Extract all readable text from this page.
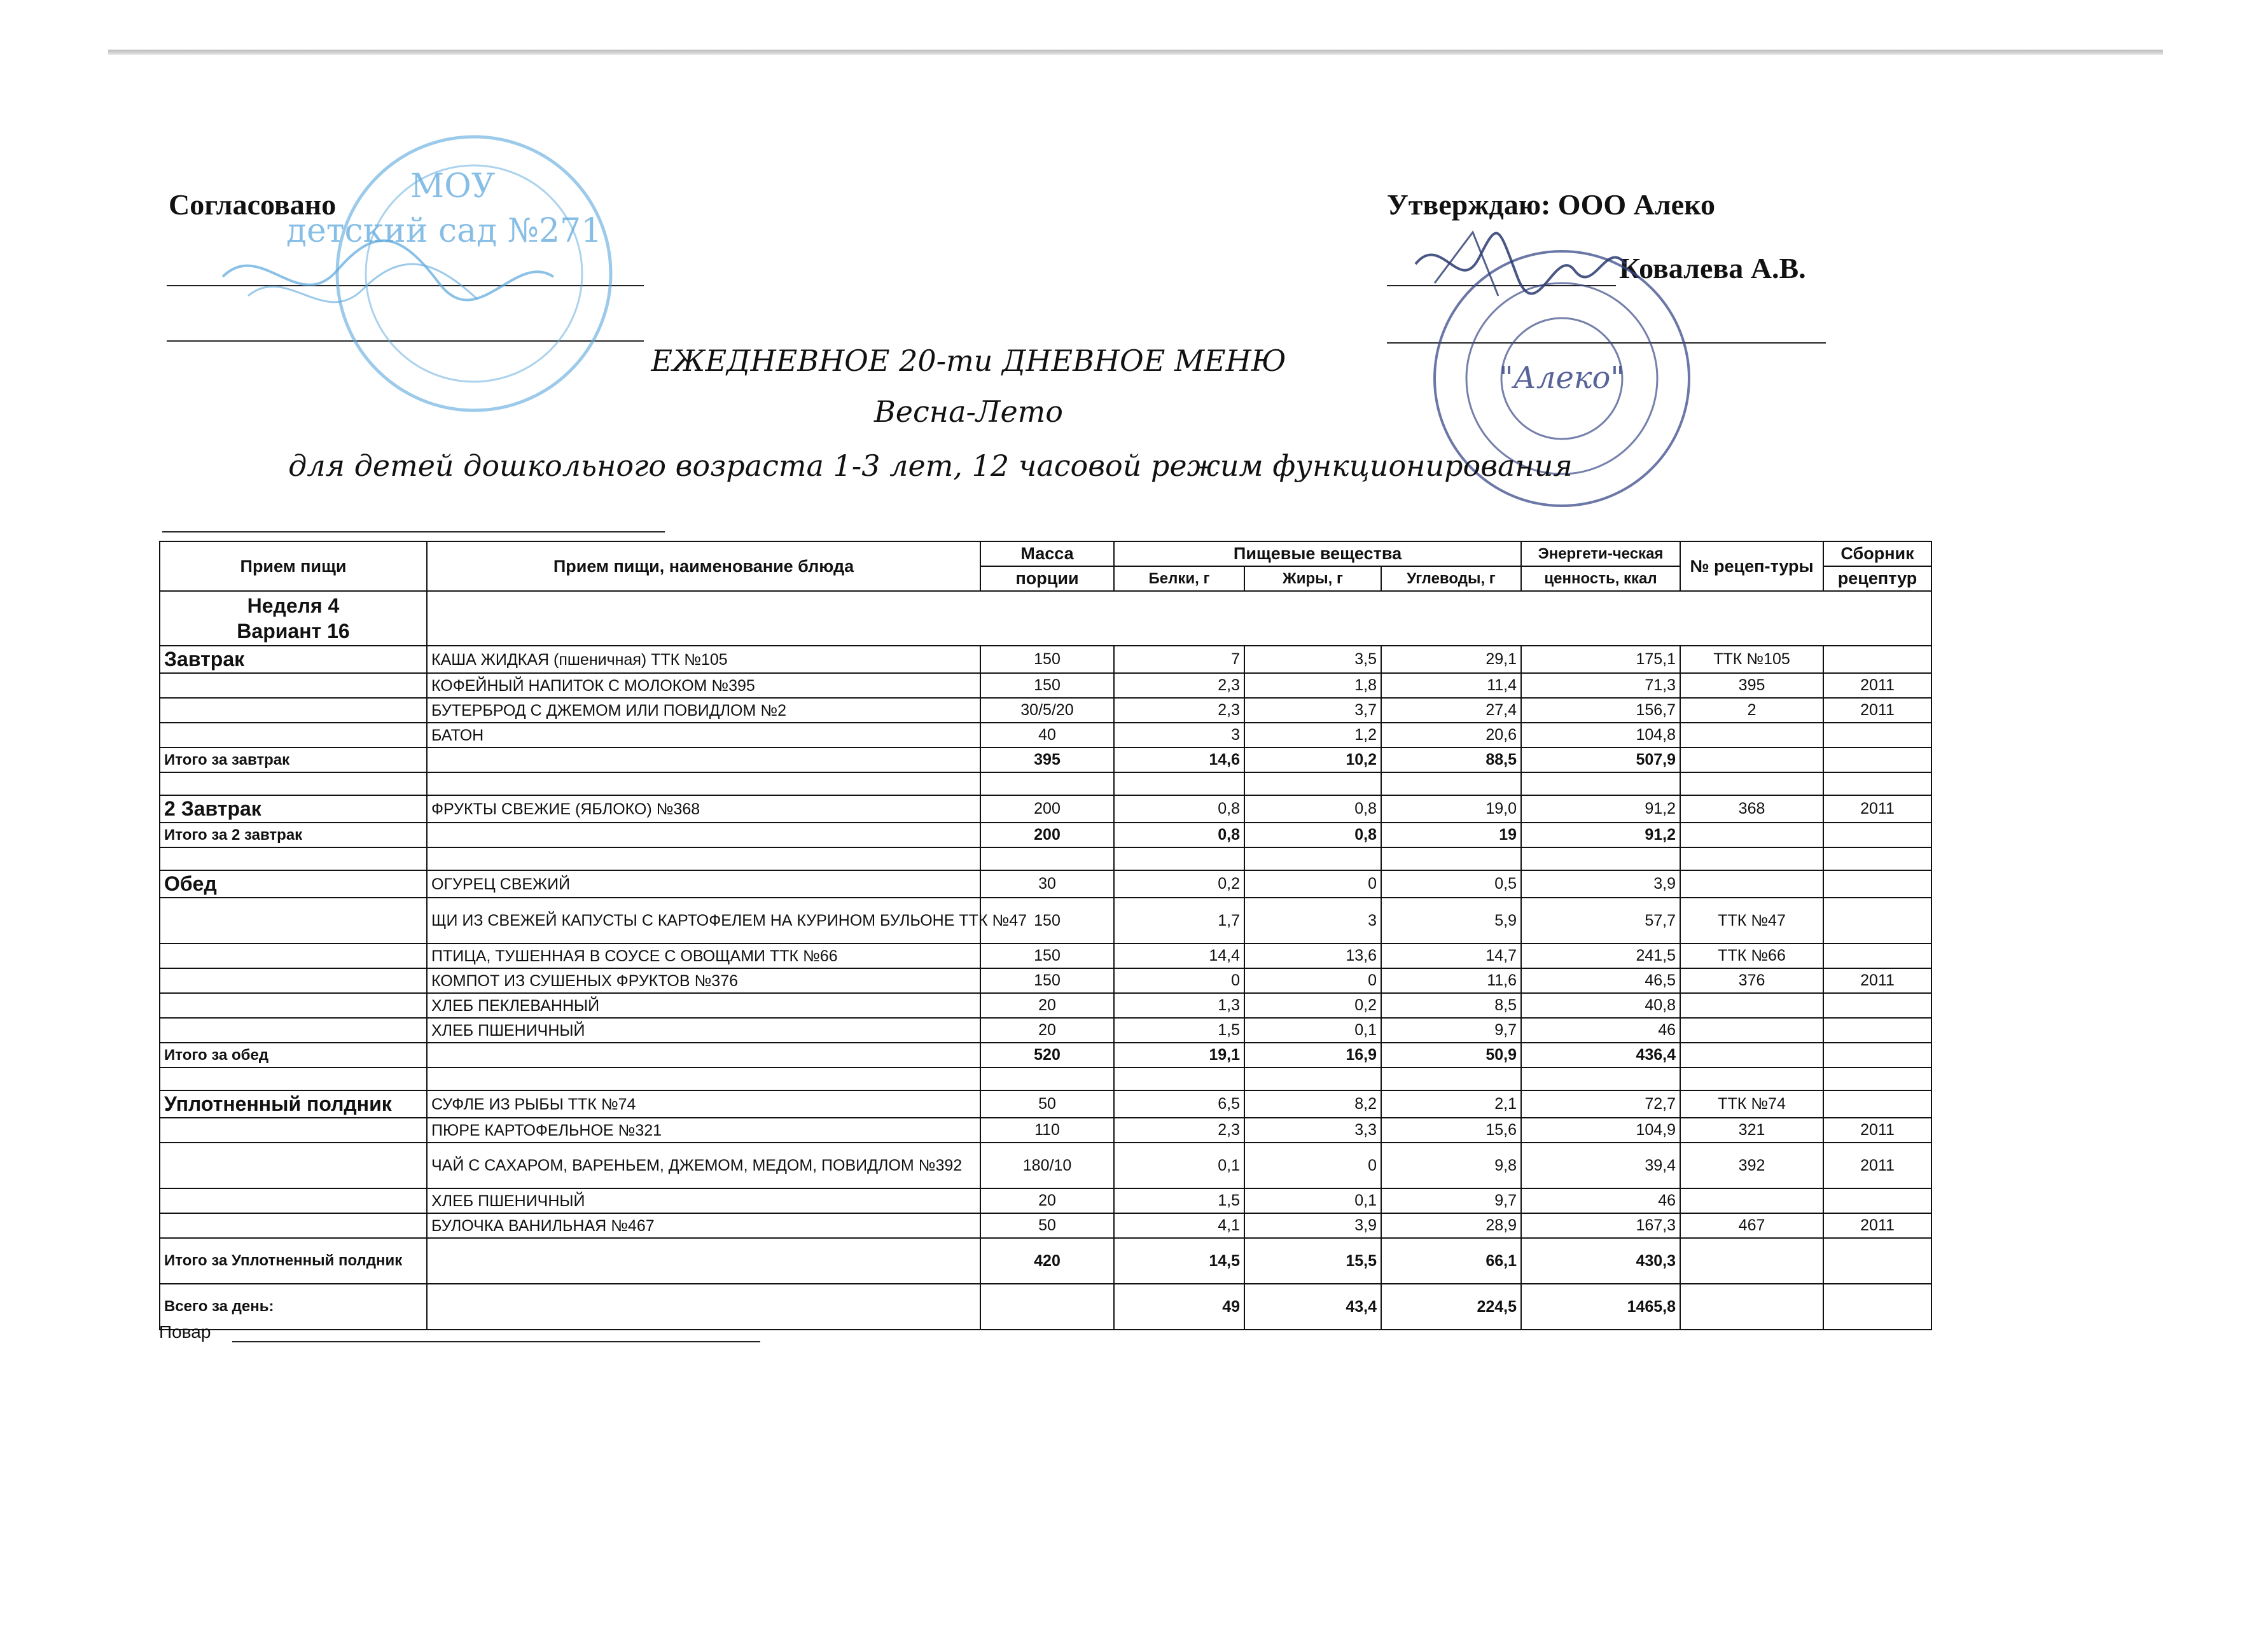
Согласовано	Утверждаю: ООО Алеко
Ковалева А.В.
МОУ
детский сад №271
"Алеко"
ЕЖЕДНЕВНОЕ 20-ти ДНЕВНОЕ МЕНЮ
Весна-Лето
для детей дошкольного возраста 1-3 лет, 12 часовой режим функционирования
Прием пищи	Прием пищи, наименование блюда	Масса	Пищевые вещества			Энергети-ческая	№ рецеп-туры	Сборник
		порции	Белки, г	Жиры, г	Углеводы, г	ценность, ккал		рецептур

Неделя 4
Вариант 16								

Завтрак	КАША ЖИДКАЯ (пшеничная) ТТК №105	150	7	3,5	29,1	175,1	ТТК №105	
	КОФЕЙНЫЙ НАПИТОК С МОЛОКОМ №395	150	2,3	1,8	11,4	71,3	395	2011
	БУТЕРБРОД С ДЖЕМОМ ИЛИ ПОВИДЛОМ №2	30/5/20	2,3	3,7	27,4	156,7	2	2011
	БАТОН	40	3	1,2	20,6	104,8		
Итого за завтрак		395	14,6	10,2	88,5	507,9		

2 Завтрак	ФРУКТЫ СВЕЖИЕ (ЯБЛОКО) №368	200	0,8	0,8	19,0	91,2	368	2011
Итого за 2 завтрак		200	0,8	0,8	19	91,2		

Обед	ОГУРЕЦ СВЕЖИЙ	30	0,2	0	0,5	3,9		
	ЩИ ИЗ СВЕЖЕЙ КАПУСТЫ С КАРТОФЕЛЕМ НА КУРИНОМ БУЛЬОНЕ ТТК №47	150	1,7	3	5,9	57,7	ТТК №47	
	ПТИЦА, ТУШЕННАЯ В СОУСЕ С ОВОЩАМИ ТТК №66	150	14,4	13,6	14,7	241,5	ТТК №66	
	КОМПОТ ИЗ СУШЕНЫХ ФРУКТОВ №376	150	0	0	11,6	46,5	376	2011
	ХЛЕБ ПЕКЛЕВАННЫЙ	20	1,3	0,2	8,5	40,8		
	ХЛЕБ ПШЕНИЧНЫЙ	20	1,5	0,1	9,7	46		
Итого за обед		520	19,1	16,9	50,9	436,4		

Уплотненный полдник	СУФЛЕ ИЗ РЫБЫ ТТК №74	50	6,5	8,2	2,1	72,7	ТТК №74	
	ПЮРЕ КАРТОФЕЛЬНОЕ №321	110	2,3	3,3	15,6	104,9	321	2011
	ЧАЙ С САХАРОМ, ВАРЕНЬЕМ, ДЖЕМОМ, МЕДОМ, ПОВИДЛОМ №392	180/10	0,1	0	9,8	39,4	392	2011
	ХЛЕБ ПШЕНИЧНЫЙ	20	1,5	0,1	9,7	46		
	БУЛОЧКА ВАНИЛЬНАЯ №467	50	4,1	3,9	28,9	167,3	467	2011
Итого за Уплотненный полдник		420	14,5	15,5	66,1	430,3		
Всего за день:			49	43,4	224,5	1465,8		
Повар
